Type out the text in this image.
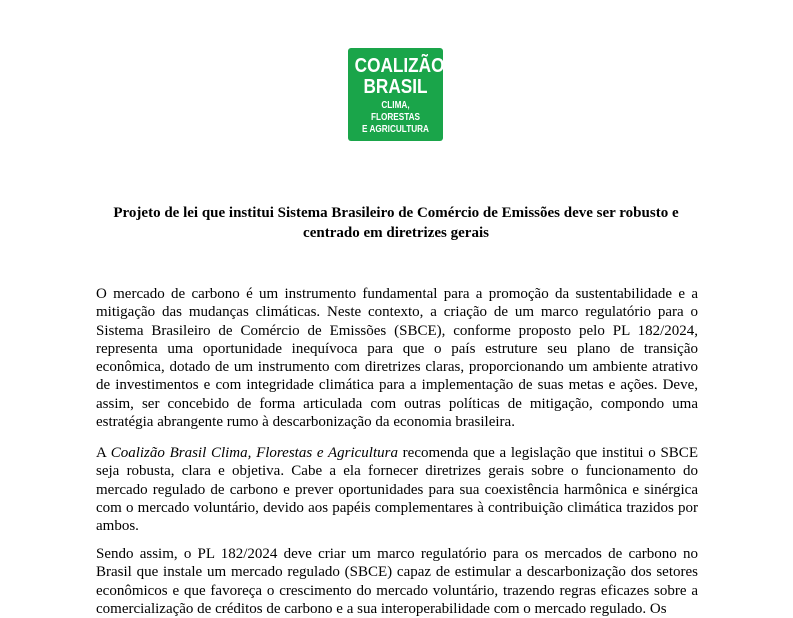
COALIZÃO
BRASIL
CLIMA, FLORESTAS
E AGRICULTURA
Projeto de lei que institui Sistema Brasileiro de Comércio de Emissões deve ser robusto e centrado em diretrizes gerais

O mercado de carbono é um instrumento fundamental para a promoção da sustentabilidade e a mitigação das mudanças climáticas. Neste contexto, a criação de um marco regulatório para o Sistema Brasileiro de Comércio de Emissões (SBCE), conforme proposto pelo PL 182/2024, representa uma oportunidade inequívoca para que o país estruture seu plano de transição econômica, dotado de um instrumento com diretrizes claras, proporcionando um ambiente atrativo de investimentos e com integridade climática para a implementação de suas metas e ações. Deve, assim, ser concebido de forma articulada com outras políticas de mitigação, compondo uma estratégia abrangente rumo à descarbonização da economia brasileira.

A Coalizão Brasil Clima, Florestas e Agricultura recomenda que a legislação que institui o SBCE seja robusta, clara e objetiva. Cabe a ela fornecer diretrizes gerais sobre o funcionamento do mercado regulado de carbono e prever oportunidades para sua coexistência harmônica e sinérgica com o mercado voluntário, devido aos papéis complementares à contribuição climática trazidos por ambos.

Sendo assim, o PL 182/2024 deve criar um marco regulatório para os mercados de carbono no Brasil que instale um mercado regulado (SBCE) capaz de estimular a descarbonização dos setores econômicos e que favoreça o crescimento do mercado voluntário, trazendo regras eficazes sobre a comercialização de créditos de carbono e a sua interoperabilidade com o mercado regulado. Os
